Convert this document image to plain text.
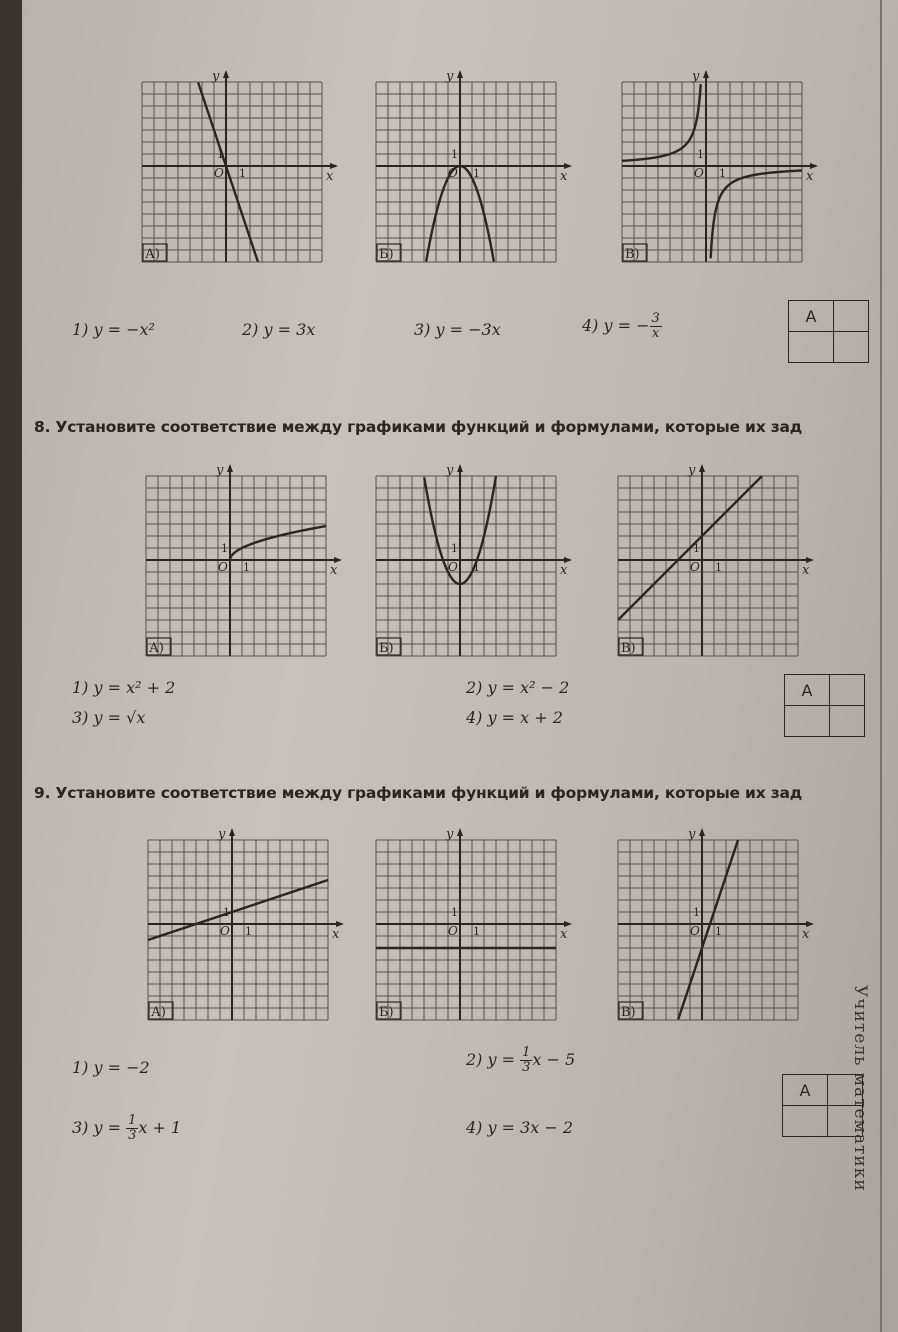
y
x
O 1
1
А)
y
x
O 1
1
Б)
y
x
O 1
1
В)
1) y = −x²	2) y = 3x	3) y = −3x	4) y = − $\frac{3}{x}$	А	

8. Установите соответствие между графиками функций и формулами, которые их зад
y
x
O 1
1
А)
y
x
O 1
1
Б)
y
x
O 1
1
В)
1) y = x² + 2	2) y = x² − 2
3) y = √x	4) y = x + 2
А	

9. Установите соответствие между графиками функций и формулами, которые их зад
y
x
O 1
1
А)
y
x
O 1
1
Б)
y
x
O 1
1
В)
1) y = −2	2) $y = \frac{1}{3}$ x − 5
3) $y = \frac{1}{3}$ x + 1	4) y = 3x − 2
А	
	Учитель математики
